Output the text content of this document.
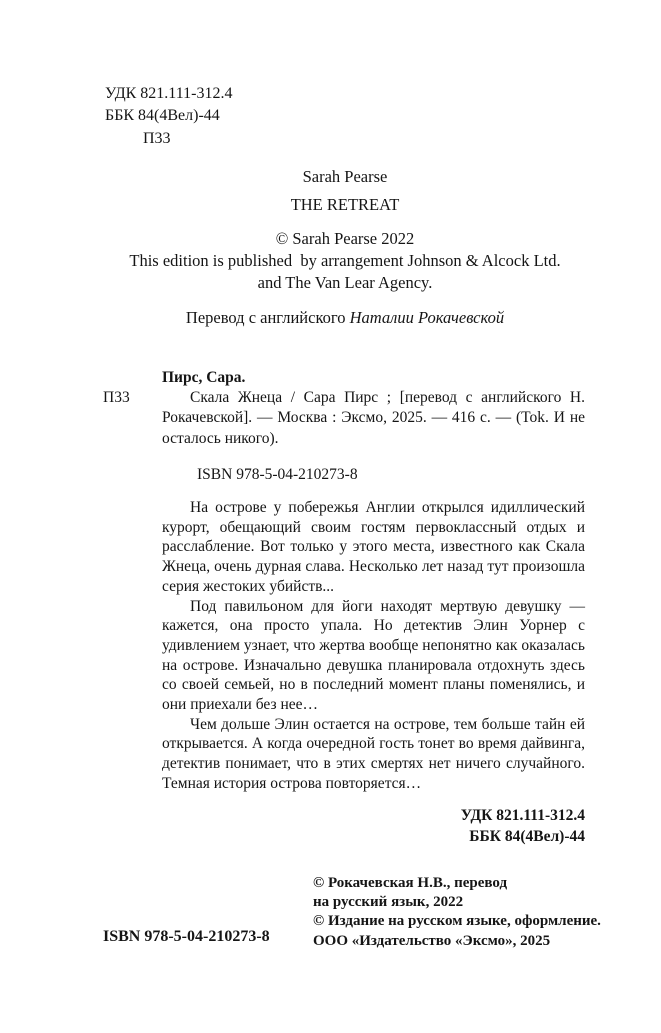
УДК 821.111-312.4
ББК 84(4Вел)-44
П33
Sarah Pearse
THE RETREAT
© Sarah Pearse 2022
This edition is published  by arrangement Johnson & Alcock Ltd.
and The Van Lear Agency.
Перевод с английского Наталии Рокачевской
Пирс, Сара.

П33	Скала Жнеца / Сара Пирс ; [перевод с английского Н. Рокачевской]. — Москва : Эксмо, 2025. — 416 с. — (Tok. И не осталось никого).

ISBN 978-5-04-210273-8

На острове у побережья Англии открылся идиллический курорт, обещающий своим гостям первоклассный отдых и расслабление. Вот только у этого места, известного как Скала Жнеца, очень дурная слава. Несколько лет назад тут произошла серия жестоких убийств...

Под павильоном для йоги находят мертвую девушку — кажется, она просто упала. Но детектив Элин Уорнер с удивлением узнает, что жертва вообще непонятно как оказалась на острове. Изначально девушка планировала отдохнуть здесь со своей семьей, но в последний момент планы поменялись, и они приехали без нее…

Чем дольше Элин остается на острове, тем больше тайн ей открывается. А когда очередной гость тонет во время дайвинга, детектив понимает, что в этих смертях нет ничего случайного. Темная история острова повторяется…

УДК 821.111-312.4
ББК 84(4Вел)-44
ISBN 978-5-04-210273-8
© Рокачевская Н.В., перевод
на русский язык, 2022
© Издание на русском языке, оформление.
ООО «Издательство «Эксмо», 2025
